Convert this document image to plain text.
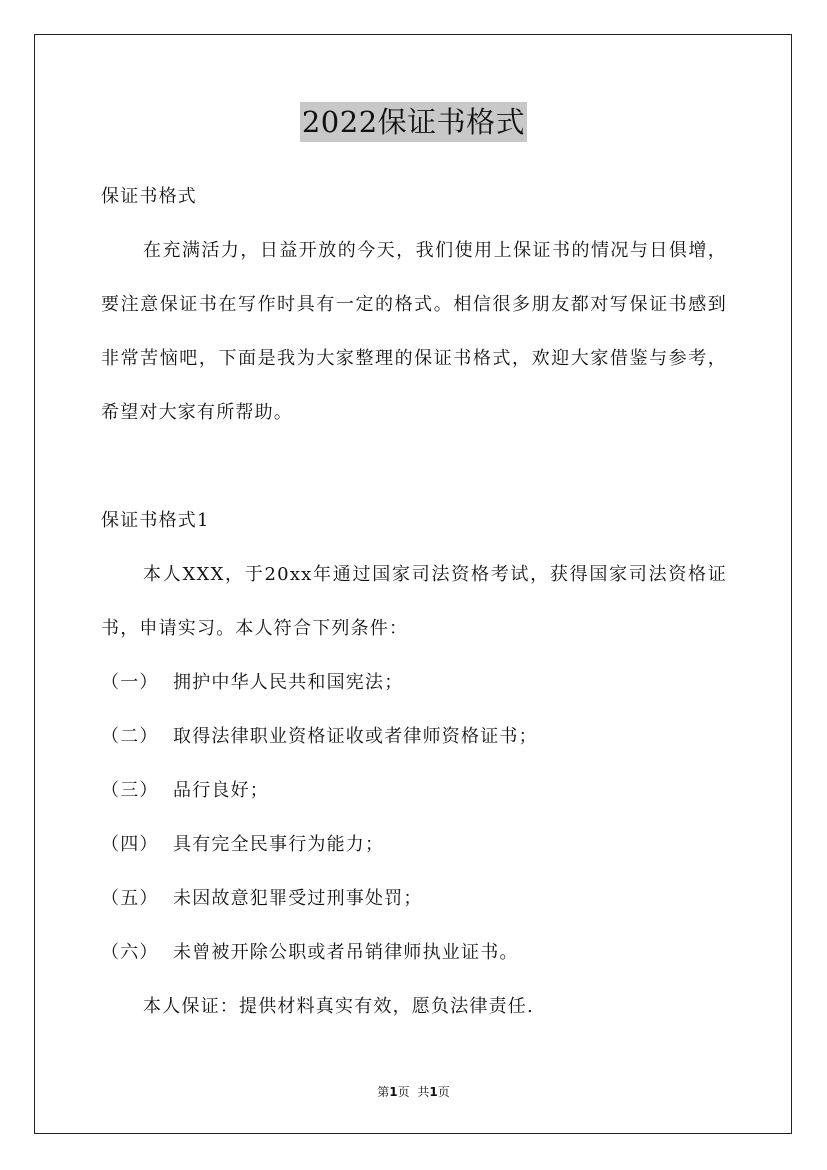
2022保证书格式

保证书格式

在充满活力，日益开放的今天，我们使用上保证书的情况与日俱增，要注意保证书在写作时具有一定的格式。相信很多朋友都对写保证书感到非常苦恼吧，下面是我为大家整理的保证书格式，欢迎大家借鉴与参考，希望对大家有所帮助。

保证书格式1

本人XXX，于20xx年通过国家司法资格考试，获得国家司法资格证书，申请实习。本人符合下列条件：

（一） 拥护中华人民共和国宪法；

（二） 取得法律职业资格证收或者律师资格证书；

（三） 品行良好；

（四） 具有完全民事行为能力；

（五） 未因故意犯罪受过刑事处罚；

（六） 未曾被开除公职或者吊销律师执业证书。

本人保证：提供材料真实有效，愿负法律责任.

第1页 共1页
